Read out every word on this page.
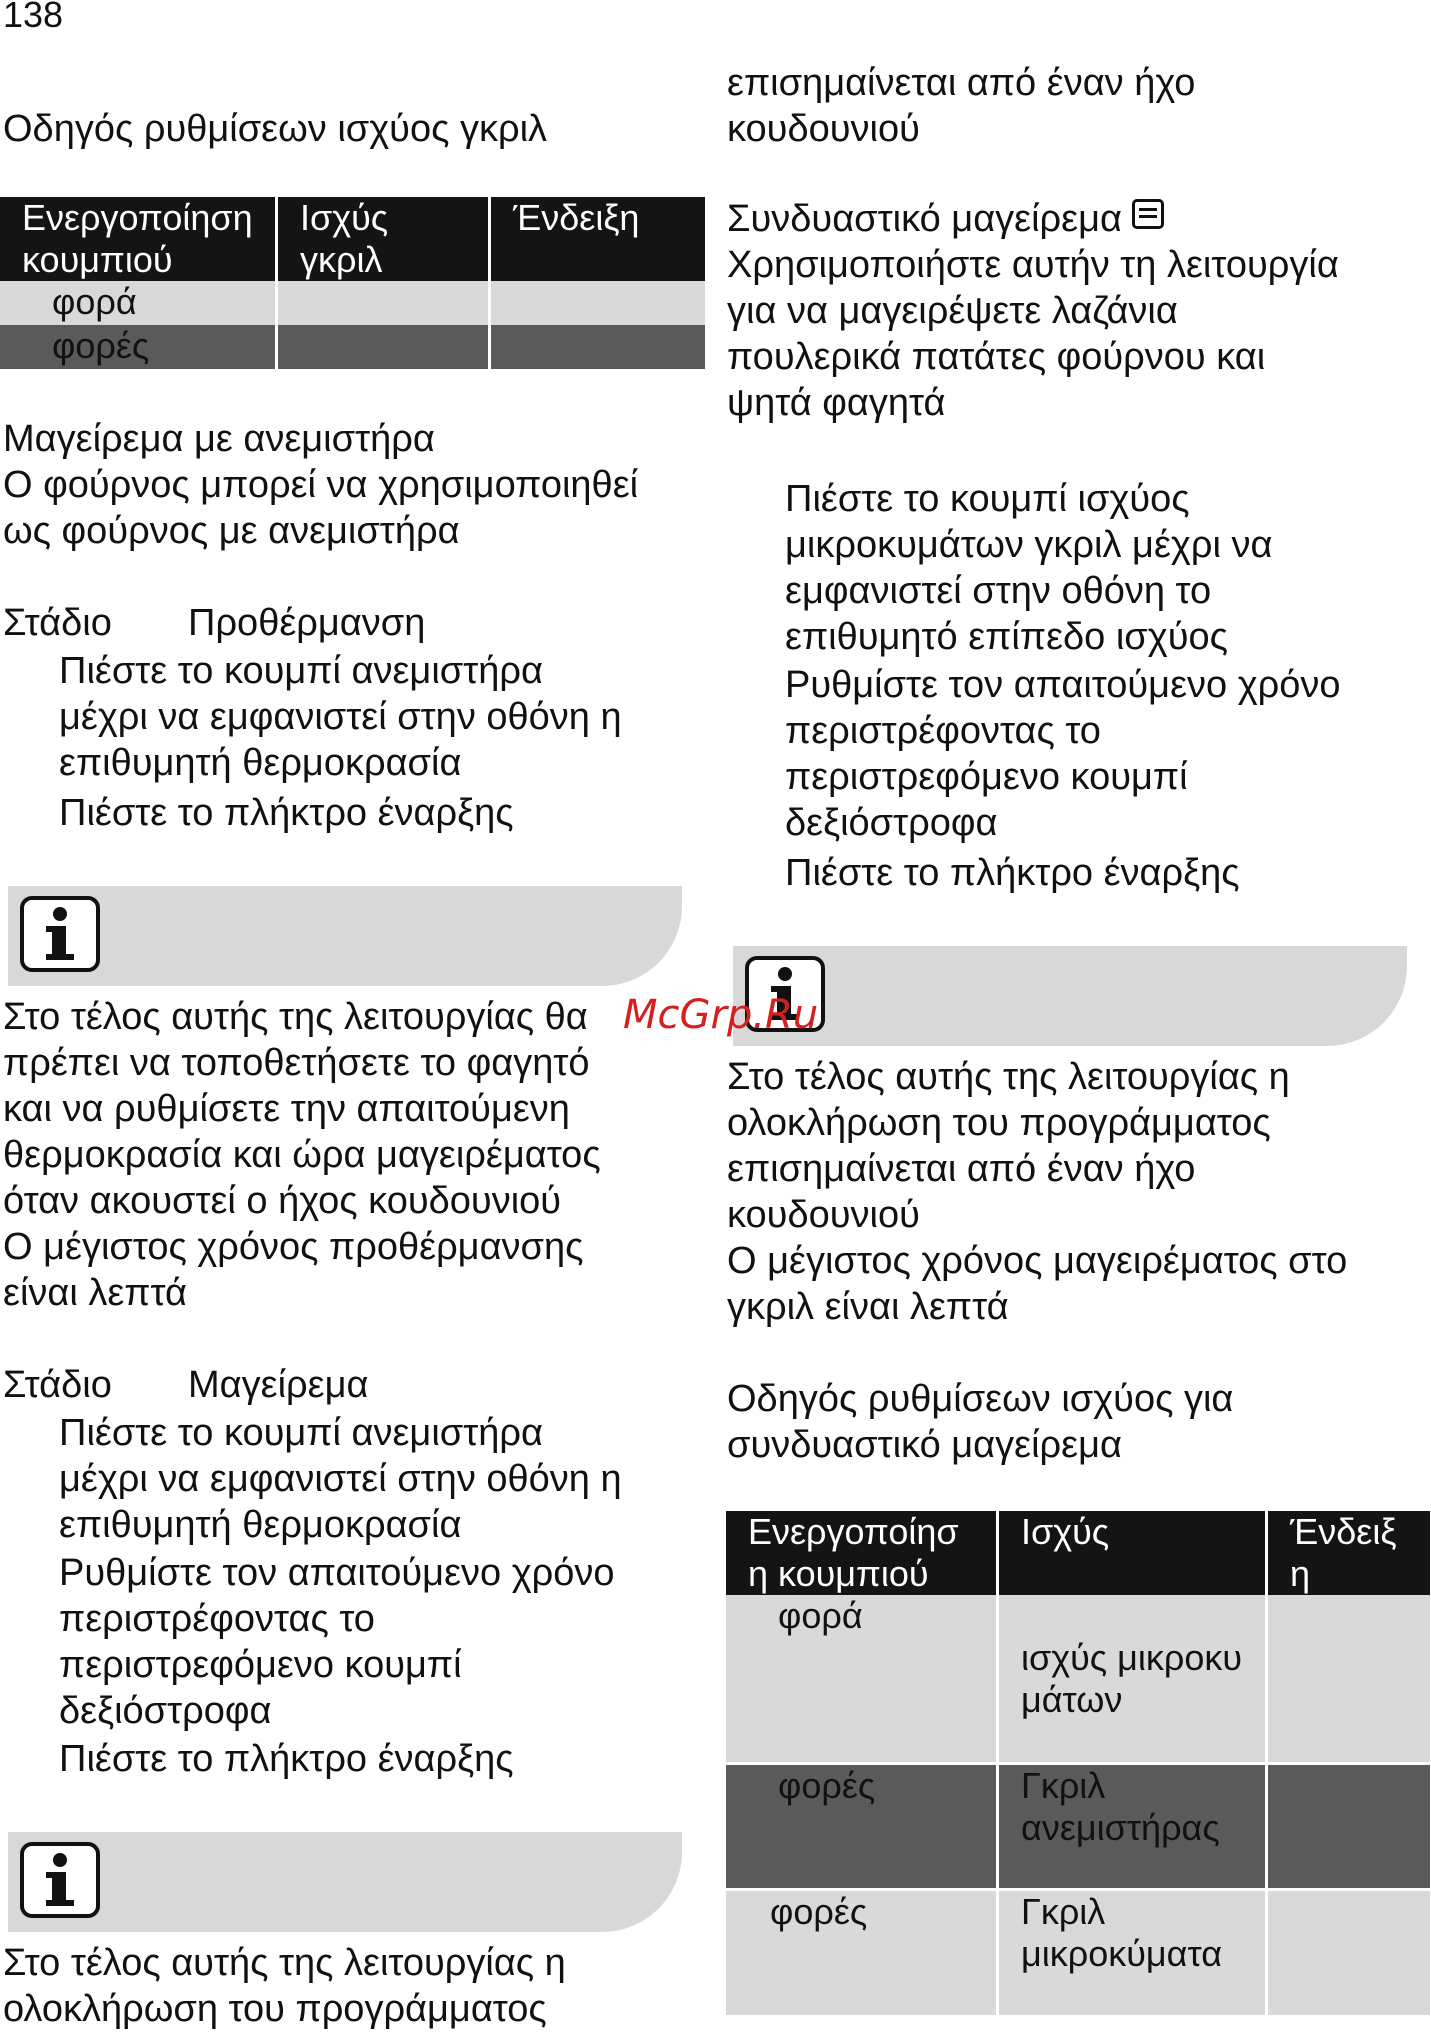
138
Οδηγός ρυθμίσεων ισχύος γκριλ
Ενεργοποίηση κουμπιού	Ισχύς γκριλ	Ένδειξη

φορά		

φορές		

Μαγείρεμα με ανεμιστήρα
Ο φούρνος μπορεί να χρησιμοποιηθεί
ως φούρνος με ανεμιστήρα
Στάδιο Προθέρμανση
Πιέστε το κουμπί ανεμιστήρα
μέχρι να εμφανιστεί στην οθόνη η
επιθυμητή θερμοκρασία
Πιέστε το πλήκτρο έναρξης
Στο τέλος αυτής της λειτουργίας θα
πρέπει να τοποθετήσετε το φαγητό
και να ρυθμίσετε την απαιτούμενη
θερμοκρασία και ώρα μαγειρέματος
όταν ακουστεί ο ήχος κουδουνιού
Ο μέγιστος χρόνος προθέρμανσης
είναι λεπτά
Στάδιο Μαγείρεμα
Πιέστε το κουμπί ανεμιστήρα
μέχρι να εμφανιστεί στην οθόνη η
επιθυμητή θερμοκρασία
Ρυθμίστε τον απαιτούμενο χρόνο
περιστρέφοντας το
περιστρεφόμενο κουμπί
δεξιόστροφα
Πιέστε το πλήκτρο έναρξης
Στο τέλος αυτής της λειτουργίας η
ολοκλήρωση του προγράμματος
επισημαίνεται από έναν ήχο
κουδουνιού
Συνδυαστικό μαγείρεμα
Χρησιμοποιήστε αυτήν τη λειτουργία
για να μαγειρέψετε λαζάνια
πουλερικά πατάτες φούρνου και
ψητά φαγητά
Πιέστε το κουμπί ισχύος
μικροκυμάτων γκριλ μέχρι να
εμφανιστεί στην οθόνη το
επιθυμητό επίπεδο ισχύος
Ρυθμίστε τον απαιτούμενο χρόνο
περιστρέφοντας το
περιστρεφόμενο κουμπί
δεξιόστροφα
Πιέστε το πλήκτρο έναρξης
Στο τέλος αυτής της λειτουργίας η
ολοκλήρωση του προγράμματος
επισημαίνεται από έναν ήχο
κουδουνιού
Ο μέγιστος χρόνος μαγειρέματος στο
γκριλ είναι λεπτά
Οδηγός ρυθμίσεων ισχύος για
συνδυαστικό μαγείρεμα
Ενεργοποίηση κουμπιού	Ισχύς	Ένδειξη

φορά	ισχύς μικροκυμάτων	

φορές	Γκριλ ανεμιστήρας	

φορές	Γκριλ μικροκύματα	

McGrp.Ru
